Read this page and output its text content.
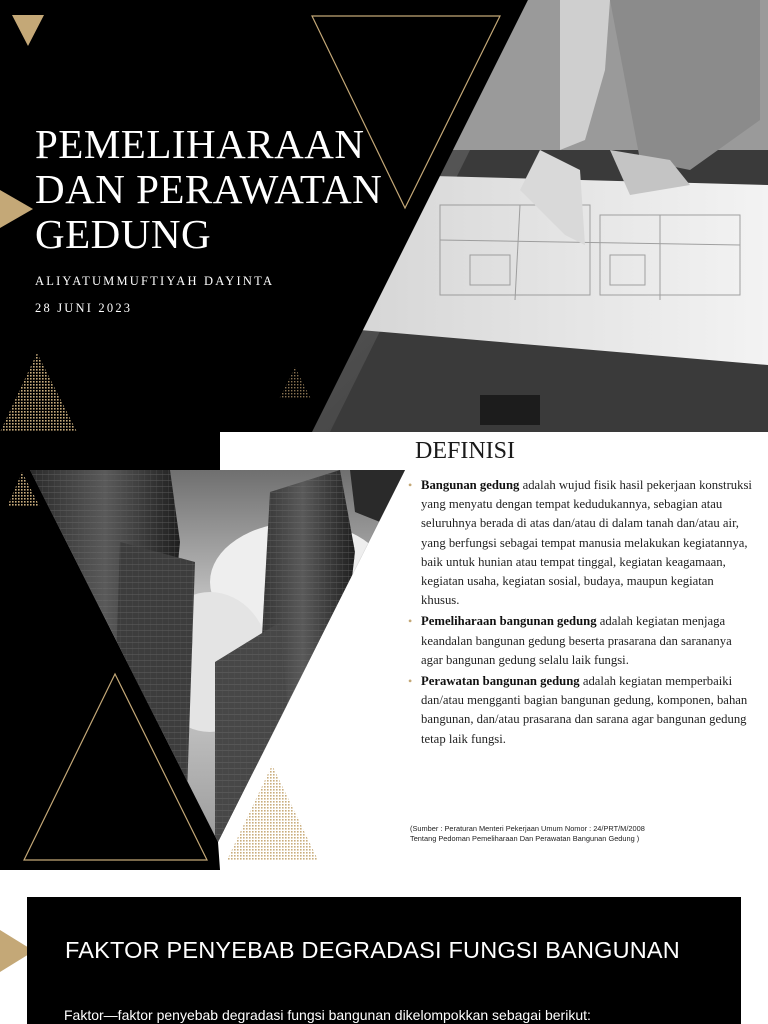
PEMELIHARAAN
DAN PERAWATAN
GEDUNG
ALIYATUMMUFTIYAH DAYINTA
28 JUNI 2023
DEFINISI
• Bangunan gedung adalah wujud fisik hasil pekerjaan konstruksi yang menyatu dengan tempat kedudukannya, sebagian atau seluruhnya berada di atas dan/atau di dalam tanah dan/atau air, yang berfungsi sebagai tempat manusia melakukan kegiatannya, baik untuk hunian atau tempat tinggal, kegiatan keagamaan, kegiatan usaha, kegiatan sosial, budaya, maupun kegiatan khusus.
• Pemeliharaan bangunan gedung adalah kegiatan menjaga keandalan bangunan gedung beserta prasarana dan sarananya agar bangunan gedung selalu laik fungsi.
• Perawatan bangunan gedung adalah kegiatan memperbaiki dan/atau mengganti bagian bangunan gedung, komponen, bahan bangunan, dan/atau prasarana dan sarana agar bangunan gedung tetap laik fungsi.
(Sumber : Peraturan Menteri Pekerjaan Umum Nomor : 24/PRT/M/2008
Tentang Pedoman Pemeliharaan Dan Perawatan Bangunan Gedung )
FAKTOR PENYEBAB DEGRADASI FUNGSI BANGUNAN
Faktor—faktor penyebab degradasi fungsi bangunan dikelompokkan sebagai berikut:
